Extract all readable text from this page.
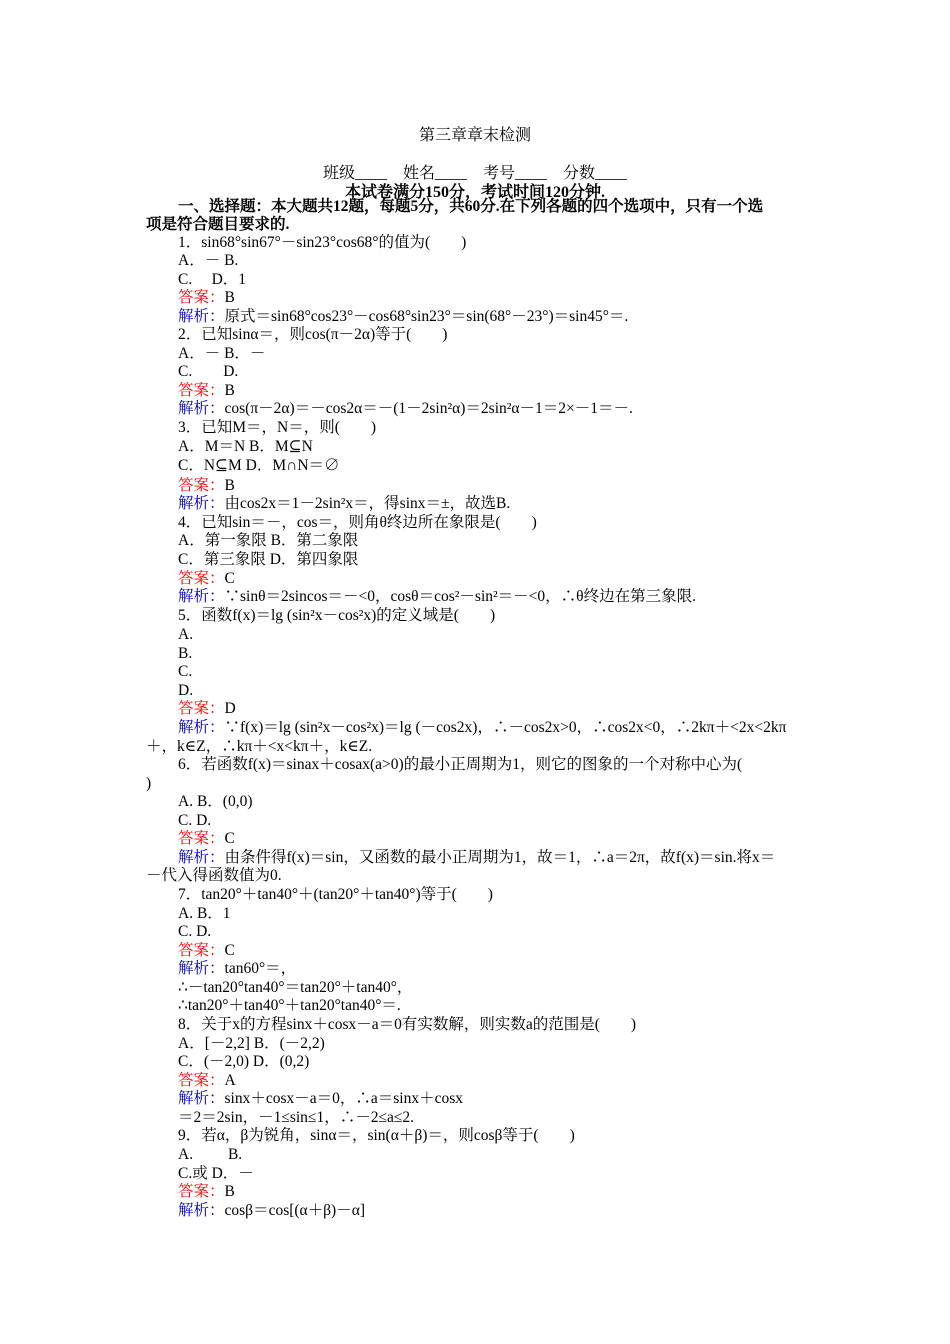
第三章章末检测
班级____　姓名____　考号____　分数____
本试卷满分150分，考试时间120分钟.
一、选择题：本大题共12题，每题5分，共60分.在下列各题的四个选项中，只有一个选
项是符合题目要求的.
1．sin68°sin67°－sin23°cos68°的值为(　　)
A．－ B.
C.　 D．1
答案：B
解析：原式＝sin68°cos23°－cos68°sin23°＝sin(68°－23°)＝sin45°＝.
2．已知sinα＝，则cos(π－2α)等于(　　)
A．－ B．－
C.　　D.
答案：B
解析：cos(π－2α)＝－cos2α＝－(1－2sin²α)＝2sin²α－1＝2×－1＝－.
3．已知M＝，N＝，则(　　)
A．M＝N B．M⊆N
C．N⊆M D．M∩N＝∅
答案：B
解析：由cos2x＝1－2sin²x＝，得sinx＝±，故选B.
4．已知sin＝－，cos＝，则角θ终边所在象限是(　　)
A．第一象限 B．第二象限
C．第三象限 D．第四象限
答案：C
解析：∵sinθ＝2sincos＝－<0，cosθ＝cos²－sin²＝－<0，∴θ终边在第三象限.
5．函数f(x)＝lg (sin²x－cos²x)的定义域是(　　)
A.
B.
C.
D.
答案：D
解析：∵f(x)＝lg (sin²x－cos²x)＝lg (－cos2x)，∴－cos2x>0，∴cos2x<0，∴2kπ＋<2x<2kπ
＋，k∈Z，∴kπ＋<x<kπ＋，k∈Z.
6．若函数f(x)＝sinax＋cosax(a>0)的最小正周期为1，则它的图象的一个对称中心为(
)
A. B．(0,0)
C. D.
答案：C
解析：由条件得f(x)＝sin，又函数的最小正周期为1，故＝1，∴a＝2π，故f(x)＝sin.将x＝
－代入得函数值为0.
7．tan20°＋tan40°＋(tan20°＋tan40°)等于(　　)
A. B．1
C. D.
答案：C
解析：tan60°＝，
∴－tan20°tan40°＝tan20°＋tan40°，
∴tan20°＋tan40°＋tan20°tan40°＝.
8．关于x的方程sinx＋cosx－a＝0有实数解，则实数a的范围是(　　)
A．[－2,2] B．(－2,2)
C．(－2,0) D．(0,2)
答案：A
解析：sinx＋cosx－a＝0，∴a＝sinx＋cosx
＝2＝2sin，－1≤sin≤1，∴－2≤a≤2.
9．若α，β为锐角，sinα＝，sin(α＋β)＝，则cosβ等于(　　)
A.　　 B.
C.或 D．－
答案：B
解析：cosβ＝cos[(α＋β)－α]
